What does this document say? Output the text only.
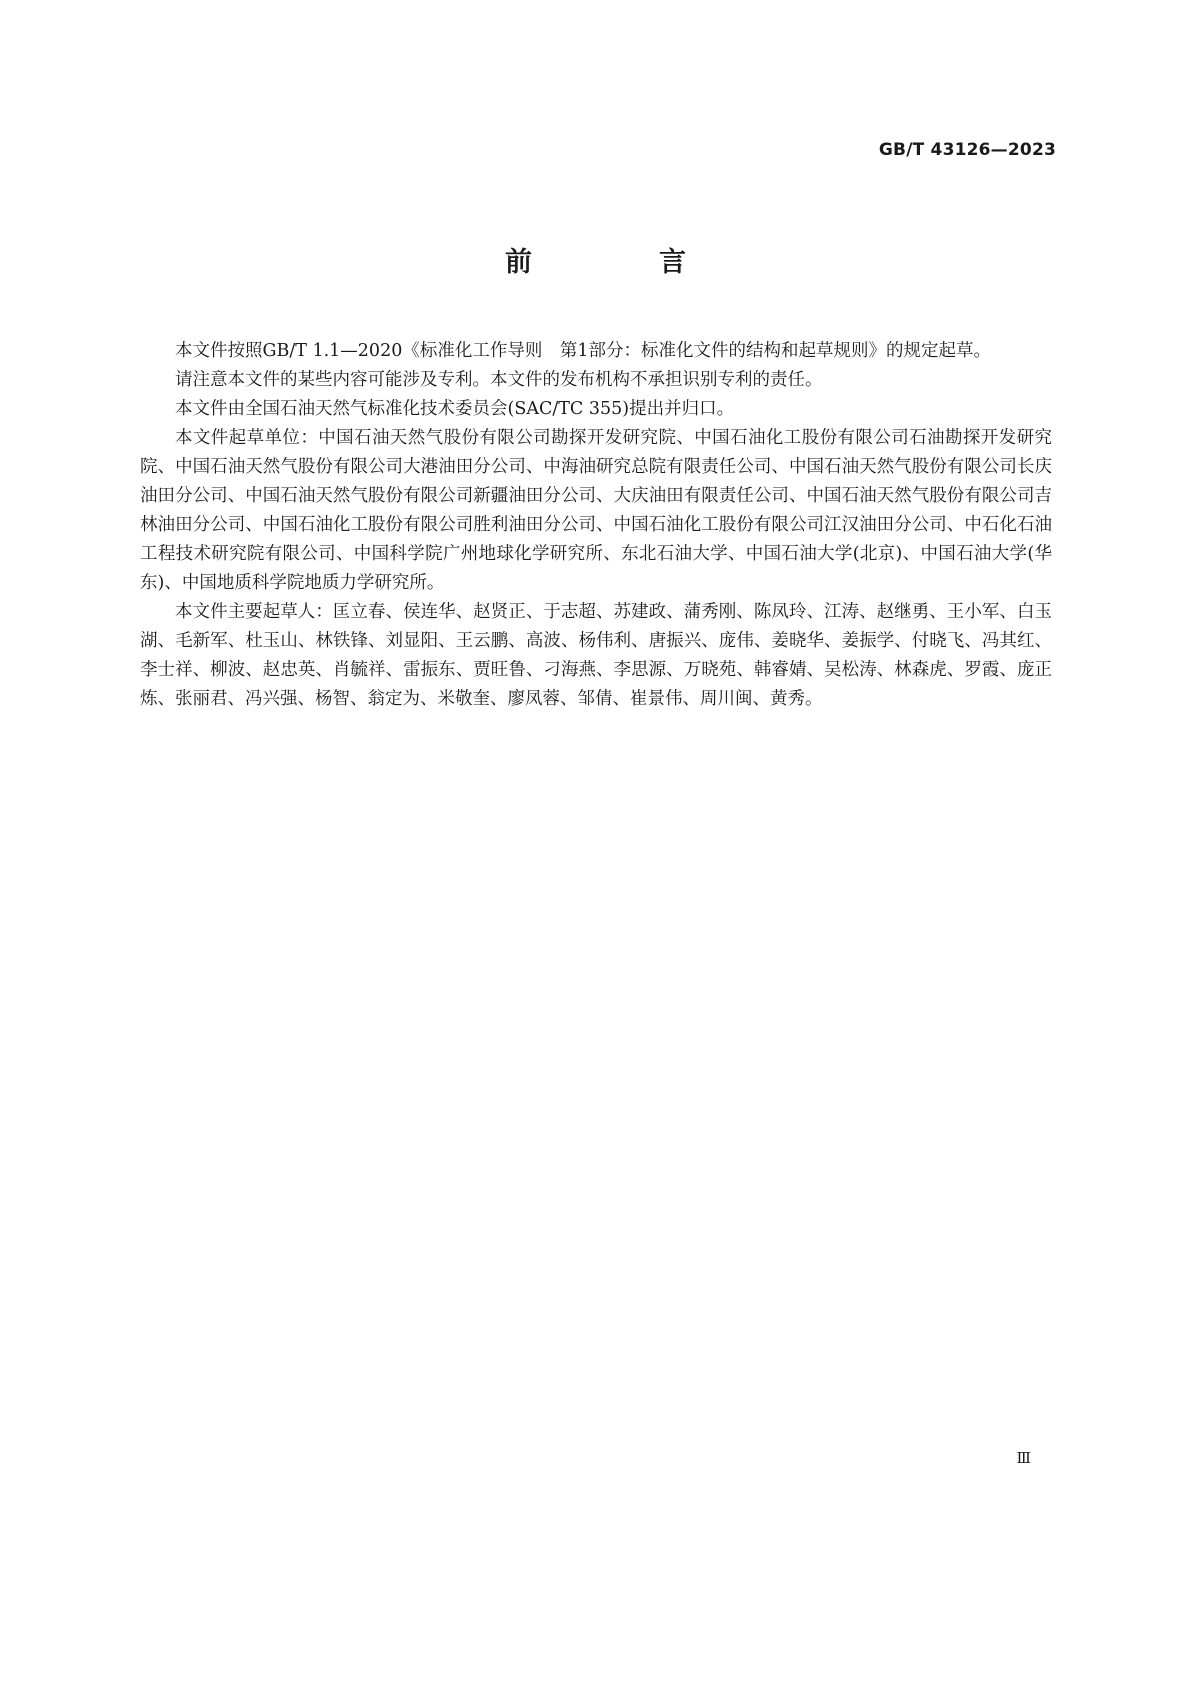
GB/T 43126—2023
前　言

本文件按照GB/T 1.1—2020《标准化工作导则　第1部分：标准化文件的结构和起草规则》的规定起草。

请注意本文件的某些内容可能涉及专利。本文件的发布机构不承担识别专利的责任。

本文件由全国石油天然气标准化技术委员会(SAC/TC 355)提出并归口。

本文件起草单位：中国石油天然气股份有限公司勘探开发研究院、中国石油化工股份有限公司石油勘探开发研究院、中国石油天然气股份有限公司大港油田分公司、中海油研究总院有限责任公司、中国石油天然气股份有限公司长庆油田分公司、中国石油天然气股份有限公司新疆油田分公司、大庆油田有限责任公司、中国石油天然气股份有限公司吉林油田分公司、中国石油化工股份有限公司胜利油田分公司、中国石油化工股份有限公司江汉油田分公司、中石化石油工程技术研究院有限公司、中国科学院广州地球化学研究所、东北石油大学、中国石油大学(北京)、中国石油大学(华东)、中国地质科学院地质力学研究所。

本文件主要起草人：匡立春、侯连华、赵贤正、于志超、苏建政、蒲秀刚、陈凤玲、江涛、赵继勇、王小军、白玉湖、毛新军、杜玉山、林铁锋、刘显阳、王云鹏、高波、杨伟利、唐振兴、庞伟、姜晓华、姜振学、付晓飞、冯其红、李士祥、柳波、赵忠英、肖毓祥、雷振东、贾旺鲁、刁海燕、李思源、万晓苑、韩睿婧、吴松涛、林森虎、罗霞、庞正炼、张丽君、冯兴强、杨智、翁定为、米敬奎、廖凤蓉、邹倩、崔景伟、周川闽、黄秀。

Ⅲ
